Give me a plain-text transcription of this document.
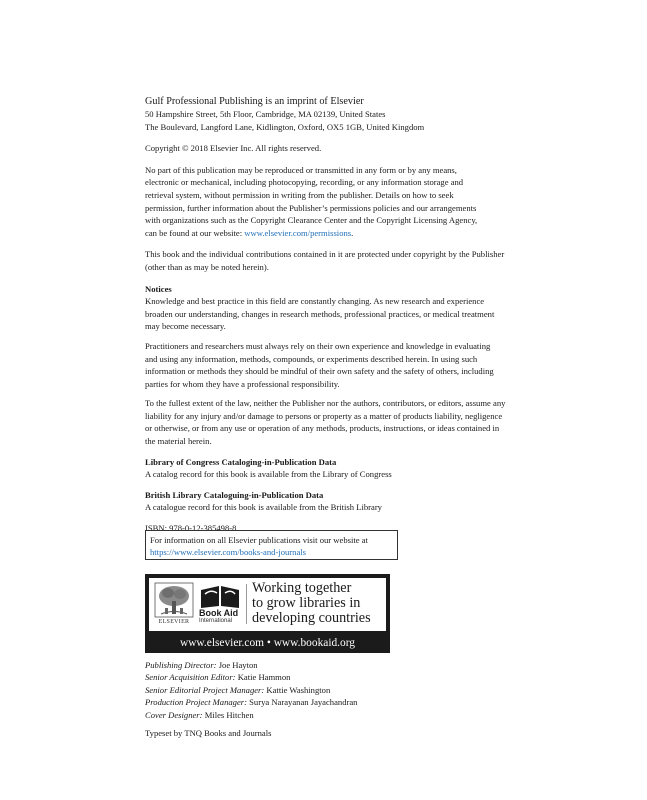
Gulf Professional Publishing is an imprint of Elsevier

50 Hampshire Street, 5th Floor, Cambridge, MA 02139, United States

The Boulevard, Langford Lane, Kidlington, Oxford, OX5 1GB, United Kingdom

Copyright © 2018 Elsevier Inc. All rights reserved.

No part of this publication may be reproduced or transmitted in any form or by any means,

electronic or mechanical, including photocopying, recording, or any information storage and

retrieval system, without permission in writing from the publisher. Details on how to seek

permission, further information about the Publisher’s permissions policies and our arrangements

with organizations such as the Copyright Clearance Center and the Copyright Licensing Agency,

can be found at our website: www.elsevier.com/permissions.

This book and the individual contributions contained in it are protected under copyright by the Publisher

(other than as may be noted herein).

Notices

Knowledge and best practice in this field are constantly changing. As new research and experience

broaden our understanding, changes in research methods, professional practices, or medical treatment

may become necessary.

Practitioners and researchers must always rely on their own experience and knowledge in evaluating

and using any information, methods, compounds, or experiments described herein. In using such

information or methods they should be mindful of their own safety and the safety of others, including

parties for whom they have a professional responsibility.

To the fullest extent of the law, neither the Publisher nor the authors, contributors, or editors, assume any

liability for any injury and/or damage to persons or property as a matter of products liability, negligence

or otherwise, or from any use or operation of any methods, products, instructions, or ideas contained in

the material herein.

Library of Congress Cataloging-in-Publication Data

A catalog record for this book is available from the Library of Congress

British Library Cataloguing-in-Publication Data

A catalogue record for this book is available from the British Library

ISBN: 978-0-12-385498-8

For information on all Elsevier publications visit our website at

https://www.elsevier.com/books-and-journals

ELSEVIER
Book Aid
International
Working together
to grow libraries in
developing countries
www.elsevier.com • www.bookaid.org

Publishing Director: Joe Hayton

Senior Acquisition Editor: Katie Hammon

Senior Editorial Project Manager: Kattie Washington

Production Project Manager: Surya Narayanan Jayachandran

Cover Designer: Miles Hitchen

Typeset by TNQ Books and Journals
